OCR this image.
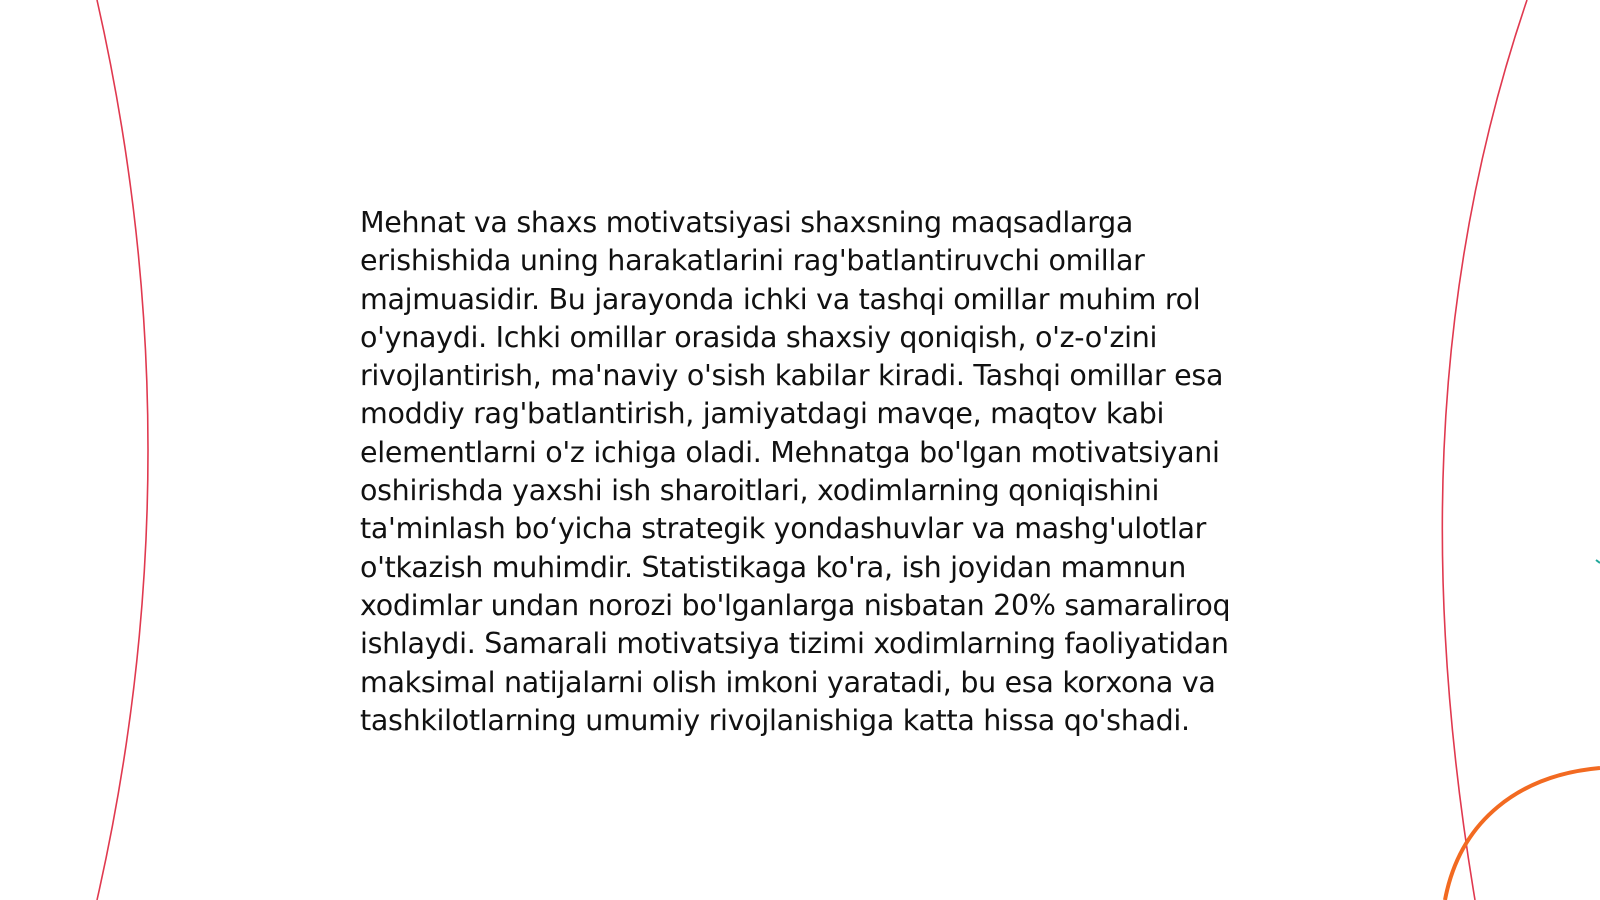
Mehnat va shaxs motivatsiyasi shaxsning maqsadlarga erishishida uning harakatlarini rag'batlantiruvchi omillar majmuasidir. Bu jarayonda ichki va tashqi omillar muhim rol o'ynaydi. Ichki omillar orasida shaxsiy qoniqish, o'z-o'zini rivojlantirish, ma'naviy o'sish kabilar kiradi. Tashqi omillar esa moddiy rag'batlantirish, jamiyatdagi mavqe, maqtov kabi elementlarni o'z ichiga oladi. Mehnatga bo'lgan motivatsiyani oshirishda yaxshi ish sharoitlari, xodimlarning qoniqishini ta'minlash bo‘yicha strategik yondashuvlar va mashg'ulotlar o'tkazish muhimdir. Statistikaga ko'ra, ish joyidan mamnun xodimlar undan norozi bo'lganlarga nisbatan 20% samaraliroq ishlaydi. Samarali motivatsiya tizimi xodimlarning faoliyatidan maksimal natijalarni olish imkoni yaratadi, bu esa korxona va tashkilotlarning umumiy rivojlanishiga katta hissa qo'shadi.
